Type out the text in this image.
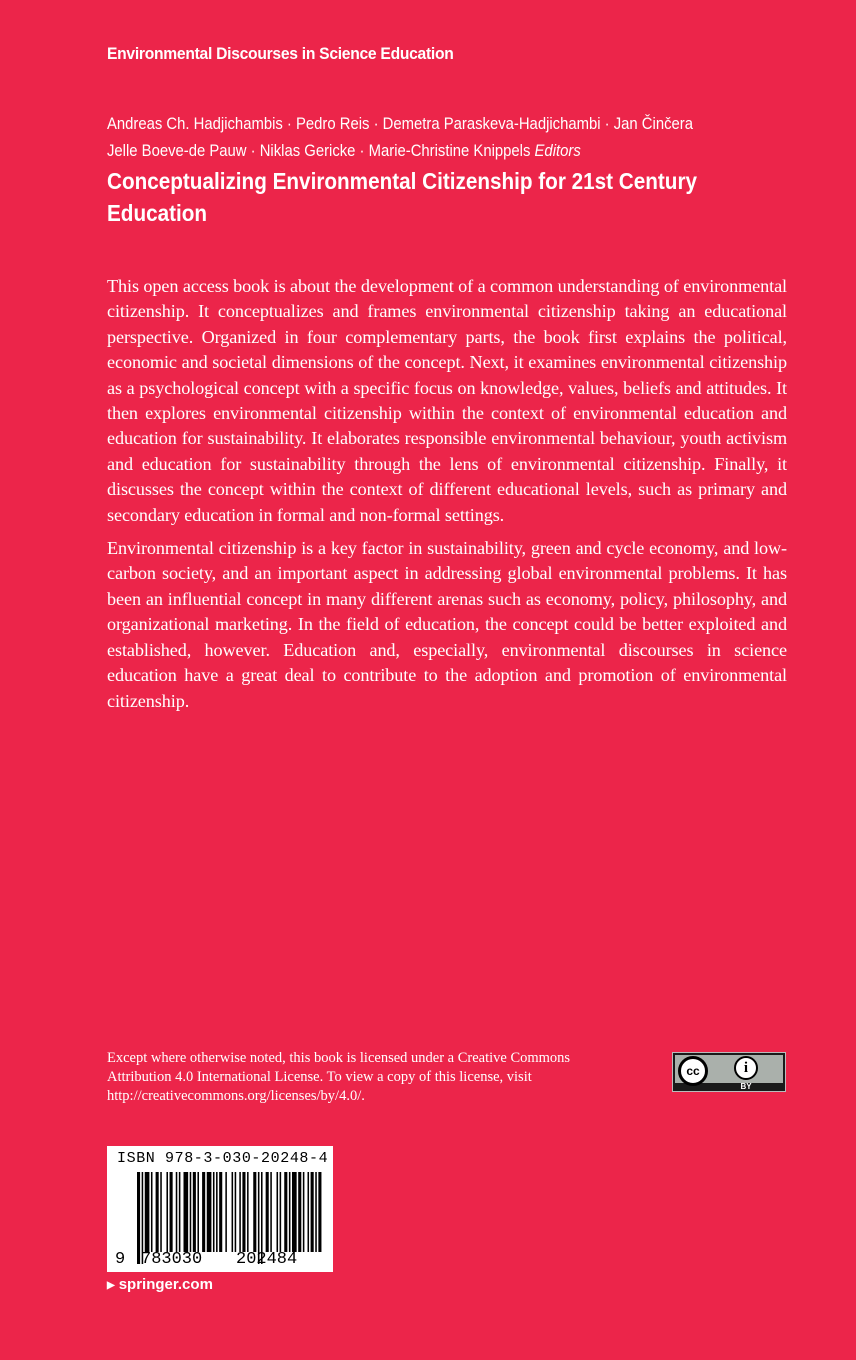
Environmental Discourses in Science Education
Andreas Ch. Hadjichambis · Pedro Reis · Demetra Paraskeva-Hadjichambi · Jan Činčera
Jelle Boeve-de Pauw · Niklas Gericke · Marie-Christine Knippels Editors
Conceptualizing Environmental Citizenship for 21st Century Education

This open access book is about the development of a common understanding of environmental citizenship. It conceptualizes and frames environmental citizenship taking an educational perspective. Organized in four complementary parts, the book first explains the political, economic and societal dimensions of the concept. Next, it examines environmental citizenship as a psychological concept with a specific focus on knowledge, values, beliefs and attitudes. It then explores environmental citizenship within the context of environmental education and education for sustainability. It elaborates responsible environmental behaviour, youth activism and education for sustainability through the lens of environmental citizenship. Finally, it discusses the concept within the context of different educational levels, such as primary and secondary education in formal and non-formal settings.

Environmental citizenship is a key factor in sustainability, green and cycle economy, and low-carbon society, and an important aspect in addressing global environmental problems. It has been an influential concept in many different arenas such as economy, policy, philosophy, and organizational marketing. In the field of education, the concept could be better exploited and established, however. Education and, especially, environmental discourses in science education have a great deal to contribute to the adoption and promotion of environmental citizenship.

Except where otherwise noted, this book is licensed under a Creative Commons Attribution 4.0 International License. To view a copy of this license, visit http://creativecommons.org/licenses/by/4.0/.
cc	i
BY
ISBN 978-3-030-20248-4
9 783030 202484
▶ springer.com
